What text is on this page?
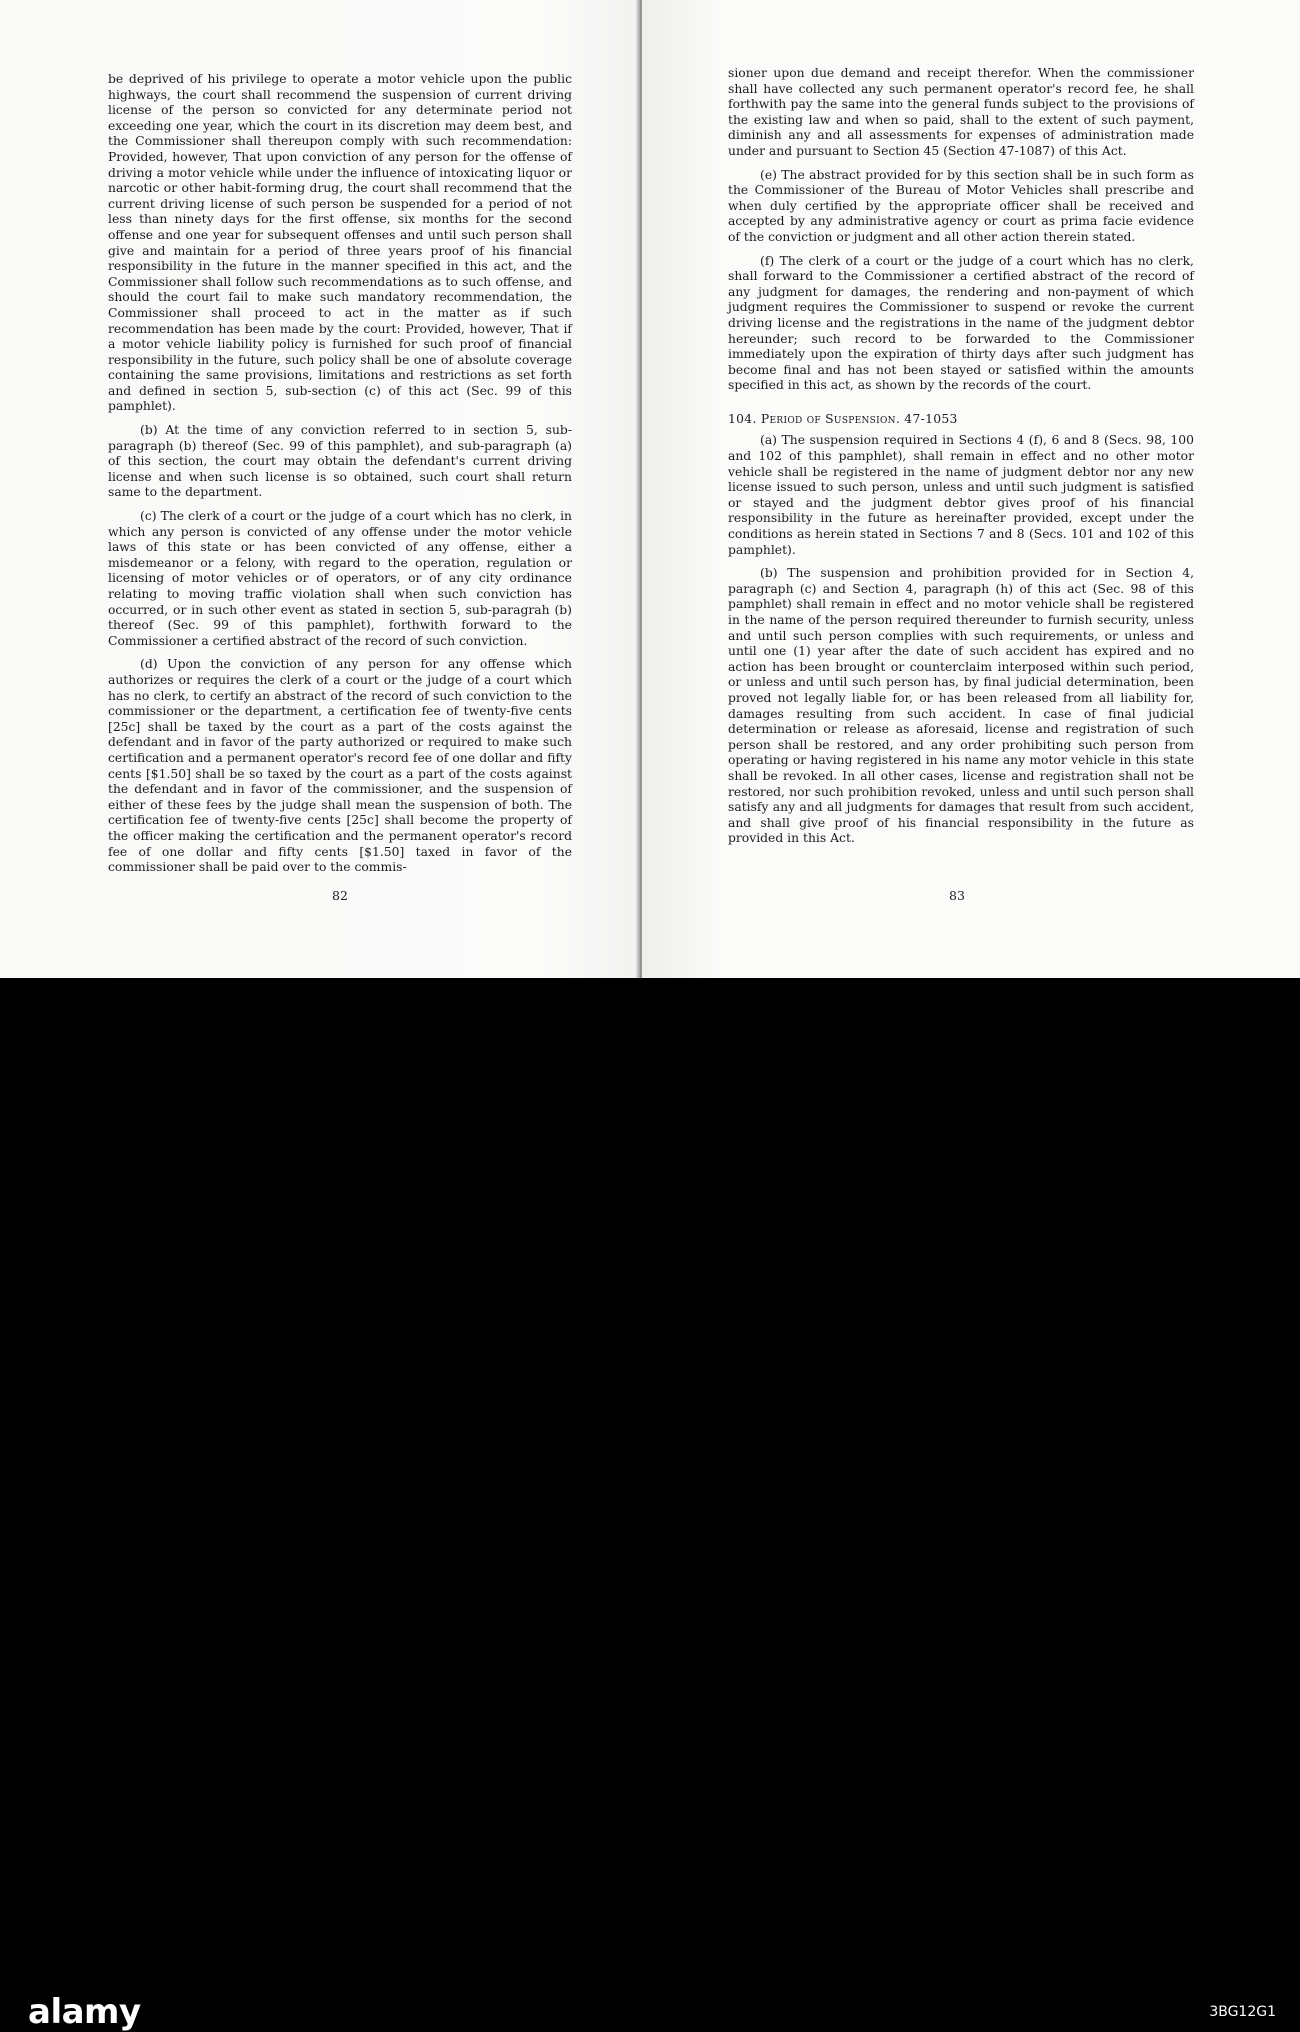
be deprived of his privilege to operate a motor vehicle upon the public highways, the court shall recommend the suspension of current driving license of the person so convicted for any determinate period not exceeding one year, which the court in its discretion may deem best, and the Commissioner shall thereupon comply with such recommendation: Provided, however, That upon conviction of any person for the offense of driving a motor vehicle while under the influence of intoxicating liquor or narcotic or other habit-forming drug, the court shall recommend that the current driving license of such person be suspended for a period of not less than ninety days for the first offense, six months for the second offense and one year for subsequent offenses and until such person shall give and maintain for a period of three years proof of his financial responsibility in the future in the manner specified in this act, and the Commissioner shall follow such recommendations as to such offense, and should the court fail to make such mandatory recommendation, the Commissioner shall proceed to act in the matter as if such recommendation has been made by the court: Provided, however, That if a motor vehicle liability policy is furnished for such proof of financial responsibility in the future, such policy shall be one of absolute coverage containing the same provisions, limitations and restrictions as set forth and defined in section 5, sub-section (c) of this act (Sec. 99 of this pamphlet).

(b) At the time of any conviction referred to in section 5, sub-paragraph (b) thereof (Sec. 99 of this pamphlet), and sub-paragraph (a) of this section, the court may obtain the defendant's current driving license and when such license is so obtained, such court shall return same to the department.

(c) The clerk of a court or the judge of a court which has no clerk, in which any person is convicted of any offense under the motor vehicle laws of this state or has been convicted of any offense, either a misdemeanor or a felony, with regard to the operation, regulation or licensing of motor vehicles or of operators, or of any city ordinance relating to moving traffic violation shall when such conviction has occurred, or in such other event as stated in section 5, sub-paragrah (b) thereof (Sec. 99 of this pamphlet), forthwith forward to the Commissioner a certified abstract of the record of such conviction.

(d) Upon the conviction of any person for any offense which authorizes or requires the clerk of a court or the judge of a court which has no clerk, to certify an abstract of the record of such conviction to the commissioner or the department, a certification fee of twenty-five cents [25c] shall be taxed by the court as a part of the costs against the defendant and in favor of the party authorized or required to make such certification and a permanent operator's record fee of one dollar and fifty cents [$1.50] shall be so taxed by the court as a part of the costs against the defendant and in favor of the commissioner, and the suspension of either of these fees by the judge shall mean the suspension of both. The certification fee of twenty-five cents [25c] shall become the property of the officer making the certification and the permanent operator's record fee of one dollar and fifty cents [$1.50] taxed in favor of the commissioner shall be paid over to the commis-

82

sioner upon due demand and receipt therefor. When the commissioner shall have collected any such permanent operator's record fee, he shall forthwith pay the same into the general funds subject to the provisions of the existing law and when so paid, shall to the extent of such payment, diminish any and all assessments for expenses of administration made under and pursuant to Section 45 (Section 47-1087) of this Act.

(e) The abstract provided for by this section shall be in such form as the Commissioner of the Bureau of Motor Vehicles shall prescribe and when duly certified by the appropriate officer shall be received and accepted by any administrative agency or court as prima facie evidence of the conviction or judgment and all other action therein stated.

(f) The clerk of a court or the judge of a court which has no clerk, shall forward to the Commissioner a certified abstract of the record of any judgment for damages, the rendering and non-payment of which judgment requires the Commissioner to suspend or revoke the current driving license and the registrations in the name of the judgment debtor hereunder; such record to be forwarded to the Commissioner immediately upon the expiration of thirty days after such judgment has become final and has not been stayed or satisfied within the amounts specified in this act, as shown by the records of the court.

104. Period of Suspension. 47-1053

(a) The suspension required in Sections 4 (f), 6 and 8 (Secs. 98, 100 and 102 of this pamphlet), shall remain in effect and no other motor vehicle shall be registered in the name of judgment debtor nor any new license issued to such person, unless and until such judgment is satisfied or stayed and the judgment debtor gives proof of his financial responsibility in the future as hereinafter provided, except under the conditions as herein stated in Sections 7 and 8 (Secs. 101 and 102 of this pamphlet).

(b) The suspension and prohibition provided for in Section 4, paragraph (c) and Section 4, paragraph (h) of this act (Sec. 98 of this pamphlet) shall remain in effect and no motor vehicle shall be registered in the name of the person required thereunder to furnish security, unless and until such person complies with such requirements, or unless and until one (1) year after the date of such accident has expired and no action has been brought or counterclaim interposed within such period, or unless and until such person has, by final judicial determination, been proved not legally liable for, or has been released from all liability for, damages resulting from such accident. In case of final judicial determination or release as aforesaid, license and registration of such person shall be restored, and any order prohibiting such person from operating or having registered in his name any motor vehicle in this state shall be revoked. In all other cases, license and registration shall not be restored, nor such prohibition revoked, unless and until such person shall satisfy any and all judgments for damages that result from such accident, and shall give proof of his financial responsibility in the future as provided in this Act.

83
alamy	3BG12G1
